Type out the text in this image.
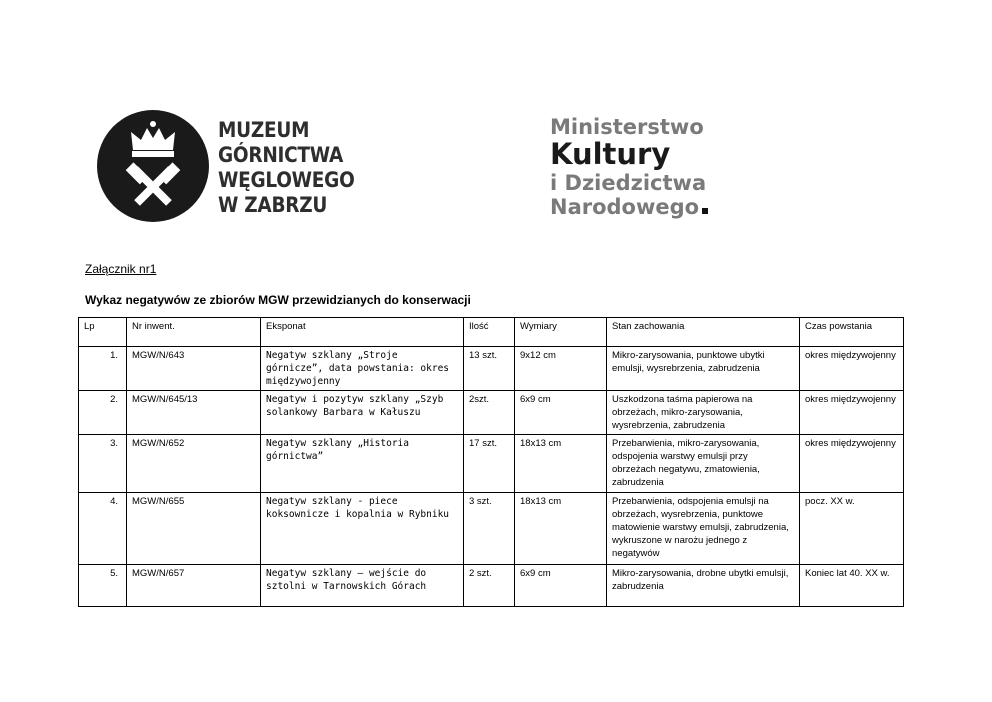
MUZEUM
GÓRNICTWA
WĘGLOWEGO
W ZABRZU
Ministerstwo
Kultury
i Dziedzictwa
Narodowego
Załącznik nr1
Wykaz negatywów ze zbiorów MGW przewidzianych do konserwacji
Lp	Nr inwent.	Eksponat	Ilość	Wymiary	Stan zachowania	Czas powstania
1.	MGW/N/643	Negatyw szklany „Stroje górnicze”, data powstania: okres międzywojenny	13 szt.	9x12 cm	Mikro-zarysowania, punktowe ubytki emulsji, wysrebrzenia, zabrudzenia	okres międzywojenny
2.	MGW/N/645/13	Negatyw i pozytyw szklany „Szyb solankowy Barbara w Kałuszu	2szt.	6x9 cm	Uszkodzona taśma papierowa na obrzeżach, mikro-zarysowania, wysrebrzenia, zabrudzenia	okres międzywojenny
3.	MGW/N/652	Negatyw szklany „Historia górnictwa”	17 szt.	18x13 cm	Przebarwienia, mikro-zarysowania, odspojenia warstwy emulsji przy obrzeżach negatywu, zmatowienia, zabrudzenia	okres międzywojenny
4.	MGW/N/655	Negatyw szklany - piece koksownicze i kopalnia w Rybniku	3 szt.	18x13 cm	Przebarwienia, odspojenia emulsji na obrzeżach, wysrebrzenia, punktowe matowienie warstwy emulsji, zabrudzenia, wykruszone w narożu jednego z negatywów	pocz. XX w.
5.	MGW/N/657	Negatyw szklany – wejście do sztolni w Tarnowskich Górach	2 szt.	6x9 cm	Mikro-zarysowania, drobne ubytki emulsji, zabrudzenia	Koniec lat 40. XX w.
